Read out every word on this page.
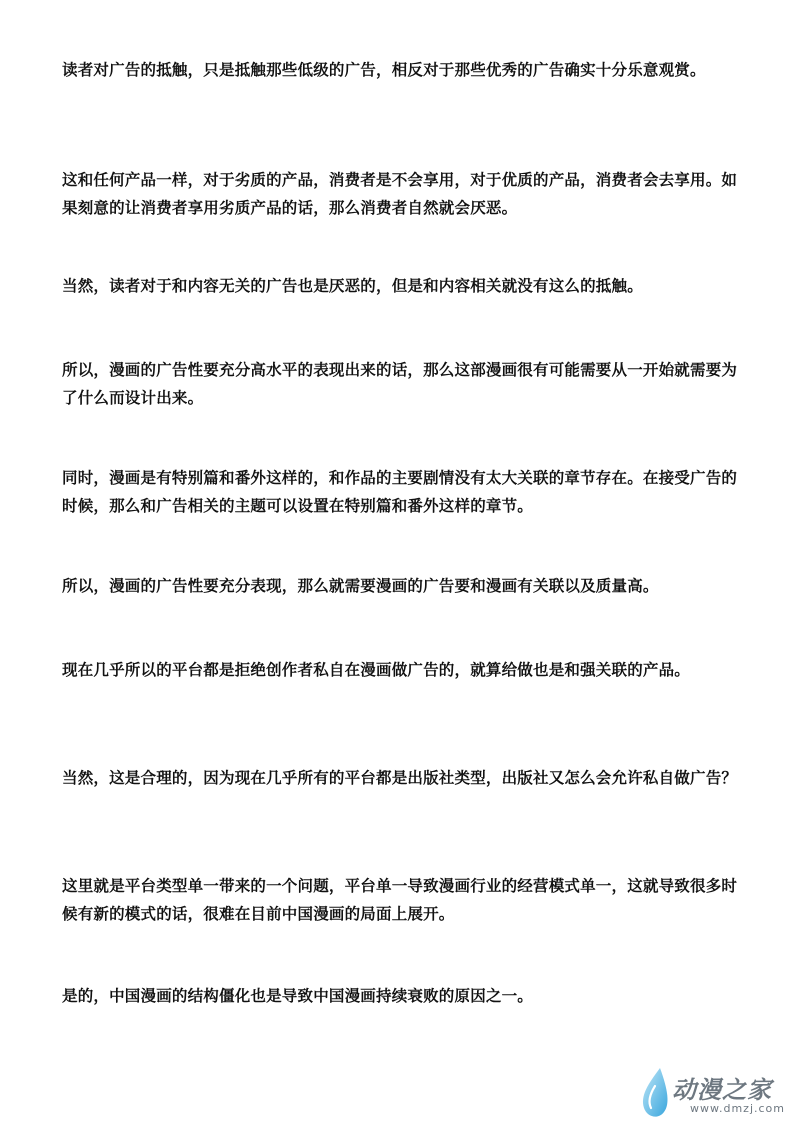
读者对广告的抵触，只是抵触那些低级的广告，相反对于那些优秀的广告确实十分乐意观赏。

这和任何产品一样，对于劣质的产品，消费者是不会享用，对于优质的产品，消费者会去享用。如果刻意的让消费者享用劣质产品的话，那么消费者自然就会厌恶。

当然，读者对于和内容无关的广告也是厌恶的，但是和内容相关就没有这么的抵触。

所以，漫画的广告性要充分高水平的表现出来的话，那么这部漫画很有可能需要从一开始就需要为了什么而设计出来。

同时，漫画是有特别篇和番外这样的，和作品的主要剧情没有太大关联的章节存在。在接受广告的时候，那么和广告相关的主题可以设置在特别篇和番外这样的章节。

所以，漫画的广告性要充分表现，那么就需要漫画的广告要和漫画有关联以及质量高。

现在几乎所以的平台都是拒绝创作者私自在漫画做广告的，就算给做也是和强关联的产品。

当然，这是合理的，因为现在几乎所有的平台都是出版社类型，出版社又怎么会允许私自做广告？

这里就是平台类型单一带来的一个问题，平台单一导致漫画行业的经营模式单一，这就导致很多时候有新的模式的话，很难在目前中国漫画的局面上展开。

是的，中国漫画的结构僵化也是导致中国漫画持续衰败的原因之一。

动漫之家
www.dmzj.com
